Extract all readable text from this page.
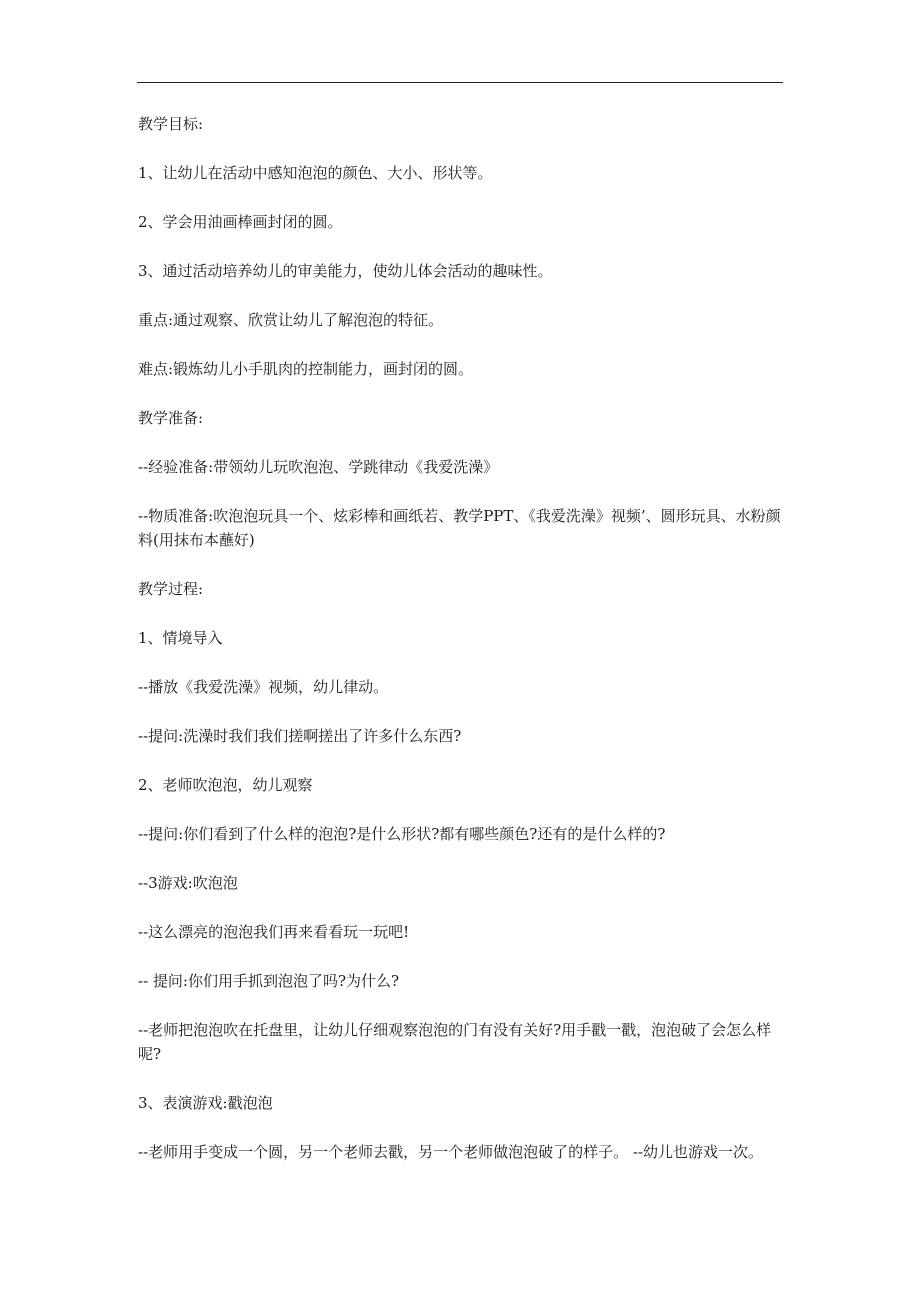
教学目标:

1、让幼儿在活动中感知泡泡的颜色、大小、形状等。

2、学会用油画棒画封闭的圆。

3、通过活动培养幼儿的审美能力，使幼儿体会活动的趣味性。

重点:通过观察、欣赏让幼儿了解泡泡的特征。

难点:锻炼幼儿小手肌肉的控制能力，画封闭的圆。

教学准备:

--经验准备:带领幼儿玩吹泡泡、学跳律动《我爱洗澡》

--物质准备:吹泡泡玩具一个、炫彩棒和画纸若、教学PPT、《我爱洗澡》视频’、圆形玩具、水粉颜料(用抹布本蘸好)

教学过程:

1、情境导入

--播放《我爱洗澡》视频，幼儿律动。

--提问:洗澡时我们我们搓啊搓出了许多什么东西?

2、老师吹泡泡，幼儿观察

--提问:你们看到了什么样的泡泡?是什么形状?都有哪些颜色?还有的是什么样的?

--3游戏:吹泡泡

--这么漂亮的泡泡我们再来看看玩一玩吧!

-- 提问:你们用手抓到泡泡了吗?为什么?

--老师把泡泡吹在托盘里，让幼儿仔细观察泡泡的门有没有关好?用手戳一戳，泡泡破了会怎么样呢?

3、表演游戏:戳泡泡

--老师用手变成一个圆，另一个老师去戳，另一个老师做泡泡破了的样子。 --幼儿也游戏一次。
